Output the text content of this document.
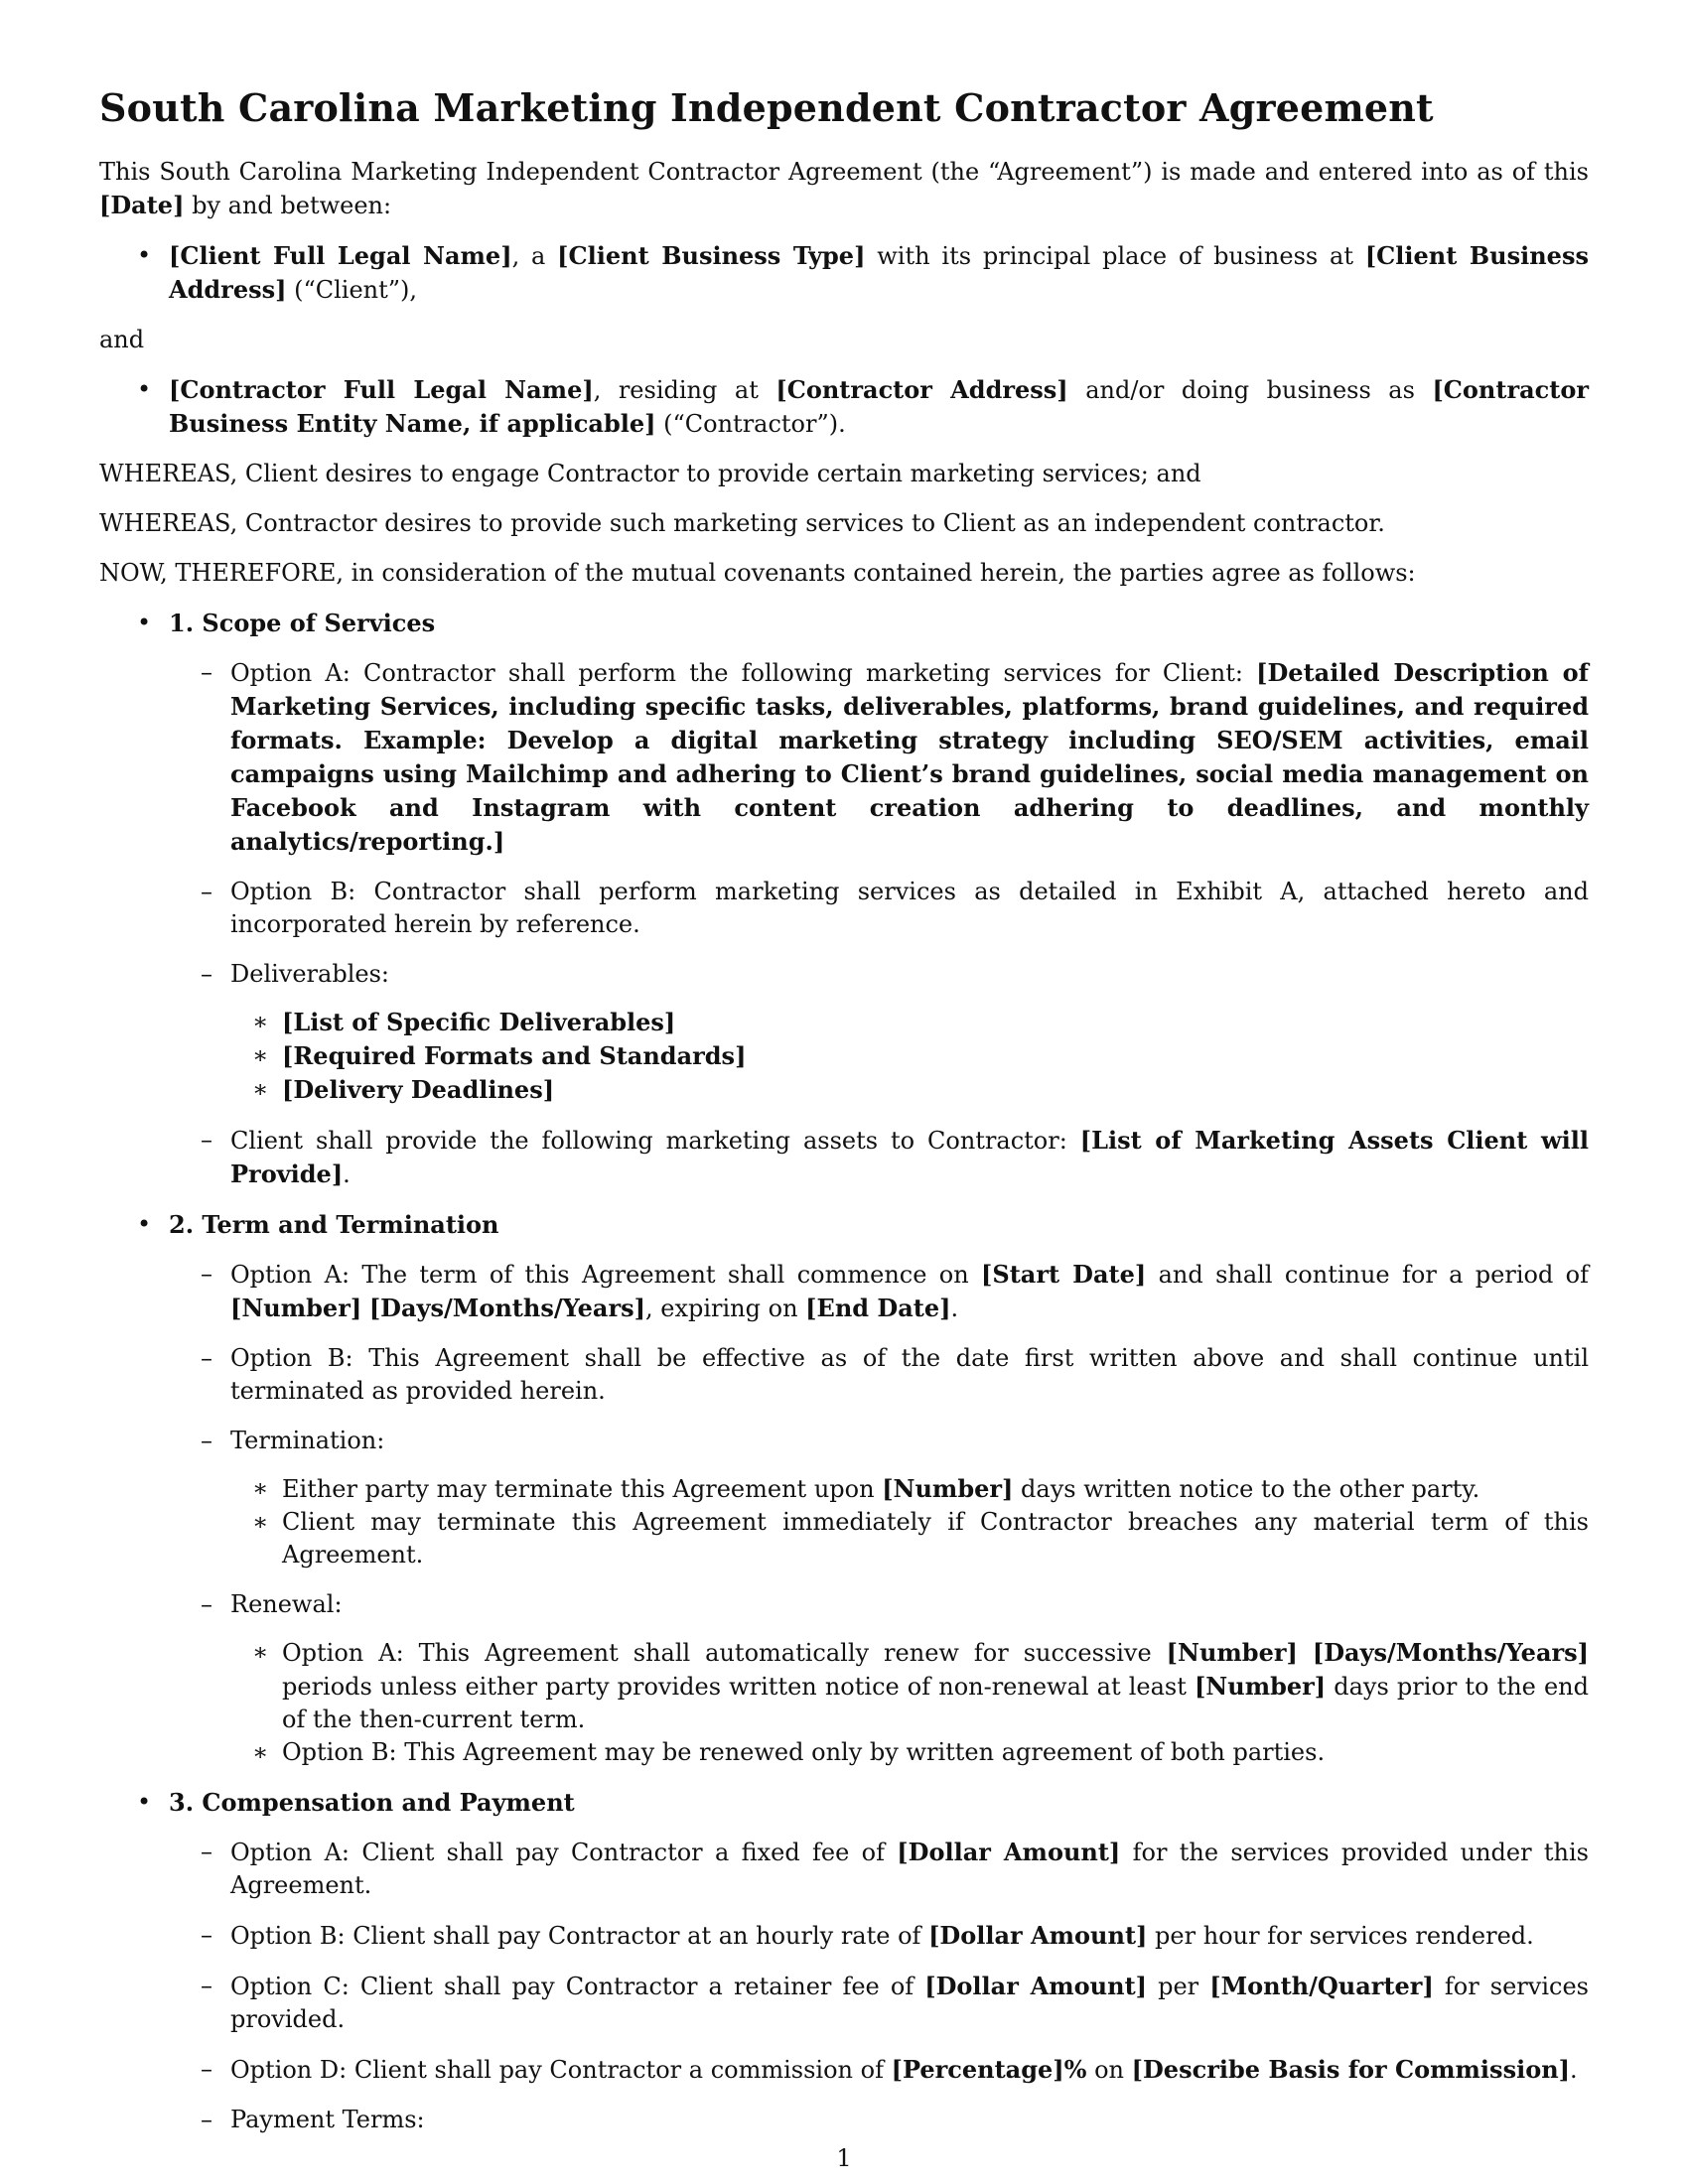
South Carolina Marketing Independent Contractor Agreement

This South Carolina Marketing Independent Contractor Agreement (the “Agreement”) is made and entered into as of this [Date] by and between:

• [Client Full Legal Name], a [Client Business Type] with its principal place of business at [Client Business Address] (“Client”),

and

• [Contractor Full Legal Name], residing at [Contractor Address] and/or doing business as [Contractor Business Entity Name, if applicable] (“Contractor”).

WHEREAS, Client desires to engage Contractor to provide certain marketing services; and

WHEREAS, Contractor desires to provide such marketing services to Client as an independent contractor.

NOW, THEREFORE, in consideration of the mutual covenants contained herein, the parties agree as follows:

• 1. Scope of Services
– Option A: Contractor shall perform the following marketing services for Client: [Detailed Description of Marketing Services, including specific tasks, deliverables, platforms, brand guidelines, and required formats. Example: Develop a digital marketing strategy including SEO/SEM activities, email campaigns using Mailchimp and adhering to Client’s brand guidelines, social media management on Facebook and Instagram with content creation adhering to deadlines, and monthly analytics/reporting.]
– Option B: Contractor shall perform marketing services as detailed in Exhibit A, attached hereto and incorporated herein by reference.
– Deliverables:
∗ [List of Specific Deliverables]
∗ [Required Formats and Standards]
∗ [Delivery Deadlines]
– Client shall provide the following marketing assets to Contractor: [List of Marketing Assets Client will Provide].
• 2. Term and Termination
– Option A: The term of this Agreement shall commence on [Start Date] and shall continue for a period of [Number] [Days/Months/Years], expiring on [End Date].
– Option B: This Agreement shall be effective as of the date first written above and shall continue until terminated as provided herein.
– Termination:
∗ Either party may terminate this Agreement upon [Number] days written notice to the other party.
∗ Client may terminate this Agreement immediately if Contractor breaches any material term of this Agreement.
– Renewal:
∗ Option A: This Agreement shall automatically renew for successive [Number] [Days/Months/Years] periods unless either party provides written notice of non-renewal at least [Number] days prior to the end of the then-current term.
∗ Option B: This Agreement may be renewed only by written agreement of both parties.
• 3. Compensation and Payment
– Option A: Client shall pay Contractor a fixed fee of [Dollar Amount] for the services provided under this Agreement.
– Option B: Client shall pay Contractor at an hourly rate of [Dollar Amount] per hour for services rendered.
– Option C: Client shall pay Contractor a retainer fee of [Dollar Amount] per [Month/Quarter] for services provided.
– Option D: Client shall pay Contractor a commission of [Percentage]% on [Describe Basis for Commission].
– Payment Terms:
1
